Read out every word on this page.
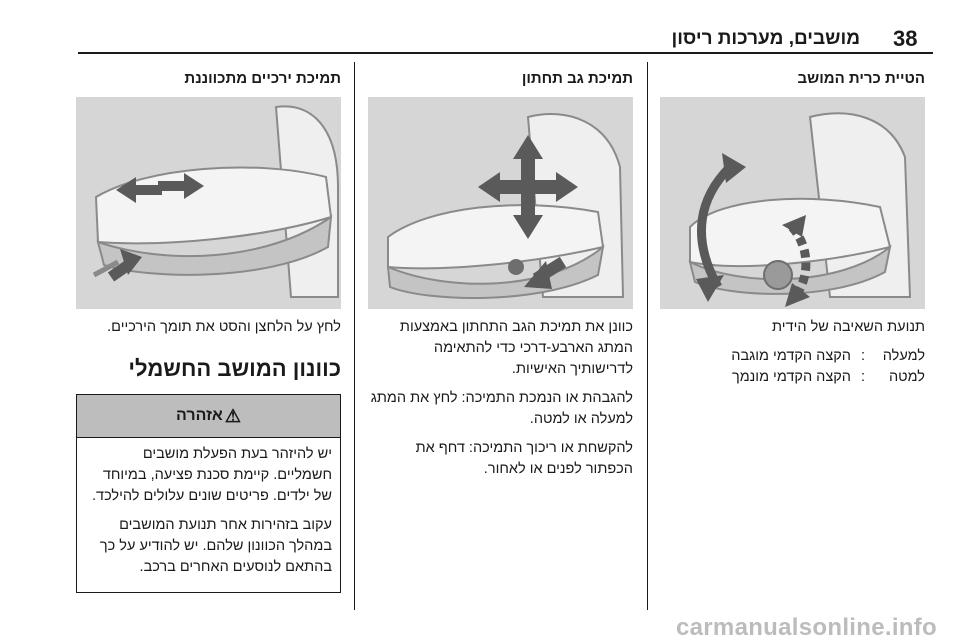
38
מושבים, מערכות ריסון
הטיית כרית המושב

תנועת השאיבה של הידית

למעלה
:
הקצה הקדמי מוגבה
למטה
:
הקצה הקדמי מונמך
תמיכת גב תחתון

כוונן את תמיכת הגב התחתון באמצעות המתג הארבע-דרכי כדי להתאימה לדרישותיך האישיות.

להגבהת או הנמכת התמיכה: לחץ את המתג למעלה או למטה.

להקשחת או ריכוך התמיכה: דחף את הכפתור לפנים או לאחור.

תמיכת ירכיים מתכווננת

לחץ על הלחצן והסט את תומך הירכיים.

כוונון המושב החשמלי
⚠
אזהרה

יש להיזהר בעת הפעלת מושבים חשמליים. קיימת סכנת פציעה, במיוחד של ילדים. פריטים שונים עלולים להילכד.

עקוב בזהירות אחר תנועת המושבים במהלך הכוונון שלהם. יש להודיע על כך בהתאם לנוסעים האחרים ברכב.

carmanualsonline.info
